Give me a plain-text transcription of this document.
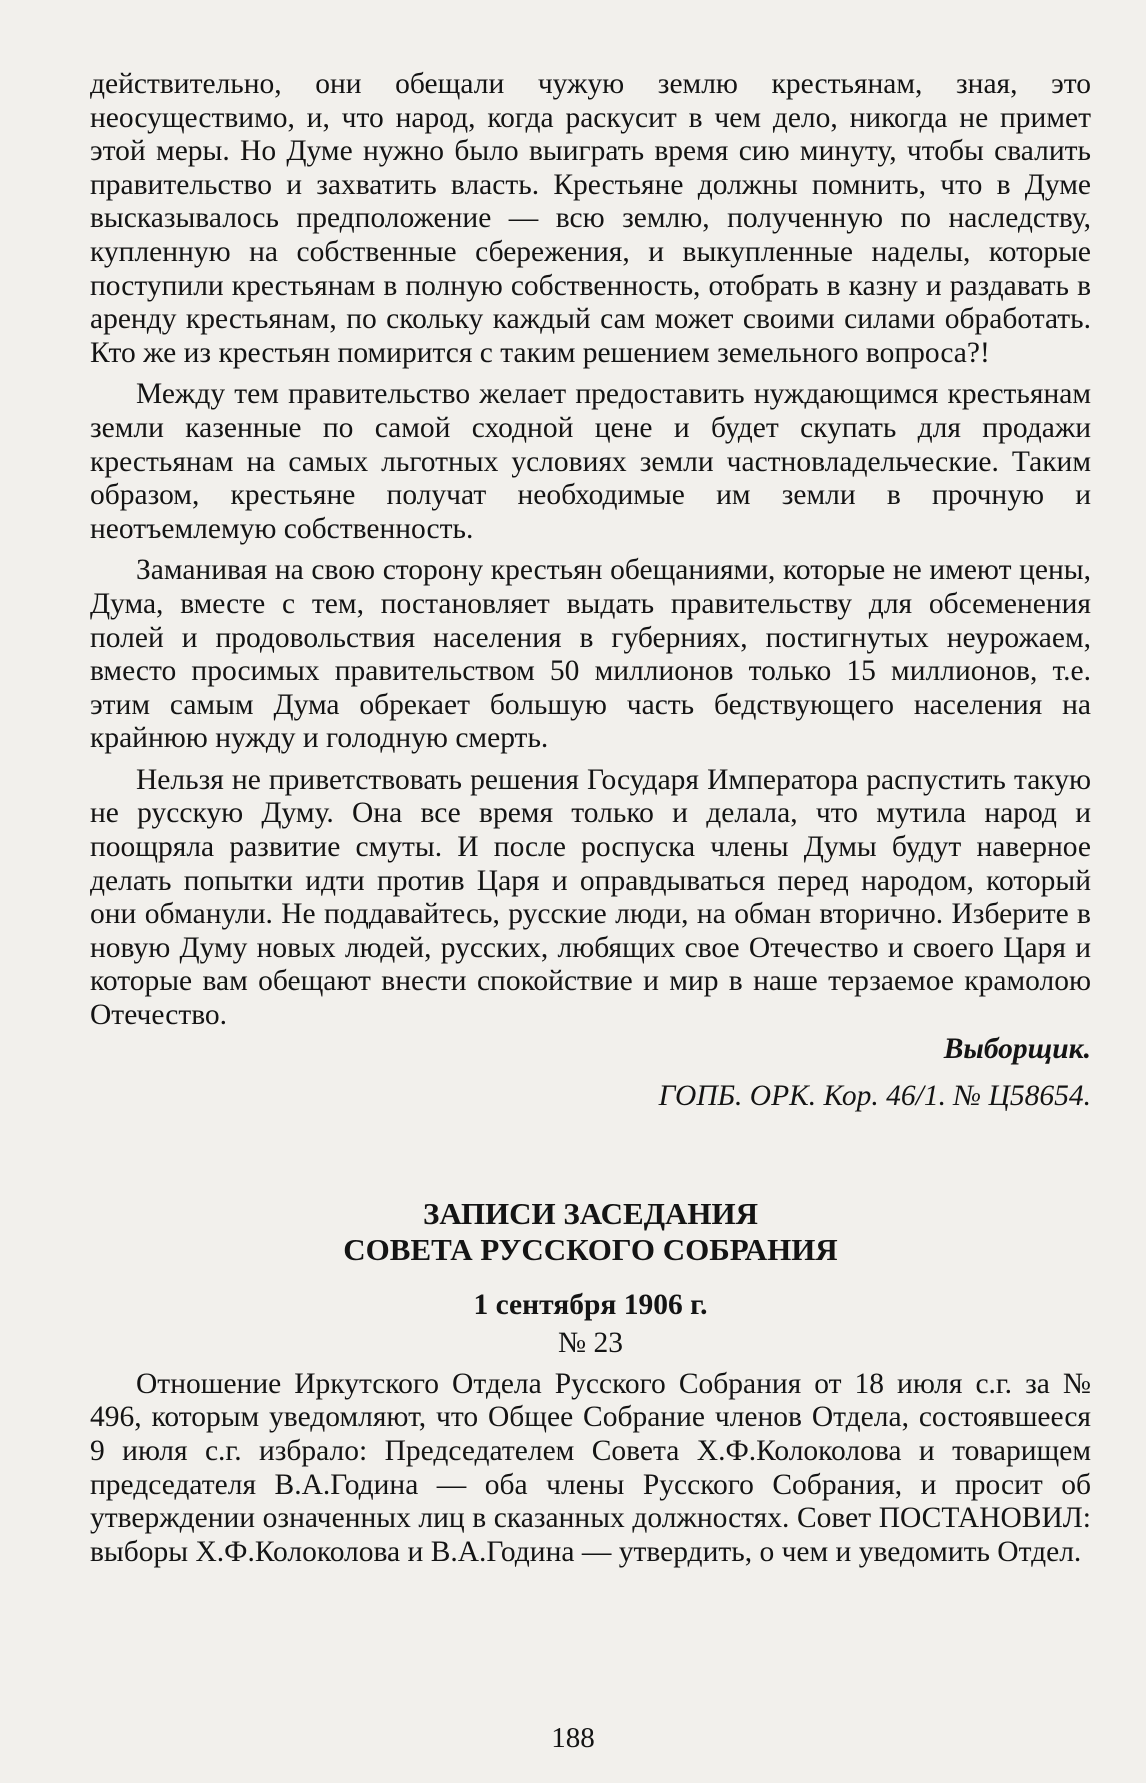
действительно, они обещали чужую землю крестьянам, зная, это неосуществимо, и, что народ, когда раскусит в чем дело, никогда не примет этой меры. Но Думе нужно было выиграть время сию минуту, чтобы свалить правительство и захватить власть. Крестьяне должны помнить, что в Думе высказывалось предположение — всю землю, полученную по наследству, купленную на собственные сбережения, и выкупленные наделы, которые поступили крестьянам в полную собственность, отобрать в казну и раздавать в аренду крестьянам, по скольку каждый сам может своими силами обработать. Кто же из крестьян помирится с таким решением земельного вопроса?!

Между тем правительство желает предоставить нуждающимся крестьянам земли казенные по самой сходной цене и будет скупать для продажи крестьянам на самых льготных условиях земли частновладельческие. Таким образом, крестьяне получат необходимые им земли в прочную и неотъемлемую собственность.

Заманивая на свою сторону крестьян обещаниями, которые не имеют цены, Дума, вместе с тем, постановляет выдать правительству для обсеменения полей и продовольствия населения в губерниях, постигнутых неурожаем, вместо просимых правительством 50 миллионов только 15 миллионов, т.е. этим самым Дума обрекает большую часть бедствующего населения на крайнюю нужду и голодную смерть.

Нельзя не приветствовать решения Государя Императора распустить такую не русскую Думу. Она все время только и делала, что мутила народ и поощряла развитие смуты. И после роспуска члены Думы будут наверное делать попытки идти против Царя и оправдываться перед народом, который они обманули. Не поддавайтесь, русские люди, на обман вторично. Изберите в новую Думу новых людей, русских, любящих свое Отечество и своего Царя и которые вам обещают внести спокойствие и мир в наше терзаемое крамолою Отечество.

Выборщик.

ГОПБ. ОРК. Кор. 46/1. № Ц58654.

ЗАПИСИ ЗАСЕДАНИЯ

СОВЕТА РУССКОГО СОБРАНИЯ

1 сентября 1906 г.

№ 23

Отношение Иркутского Отдела Русского Собрания от 18 июля с.г. за № 496, которым уведомляют, что Общее Собрание членов Отдела, состоявшееся 9 июля с.г. избрало: Председателем Совета Х.Ф.Колоколова и товарищем председателя В.А.Година — оба члены Русского Собрания, и просит об утверждении означенных лиц в сказанных должностях. Совет ПОСТАНОВИЛ: выборы Х.Ф.Колоколова и В.А.Година — утвердить, о чем и уведомить Отдел.

188
